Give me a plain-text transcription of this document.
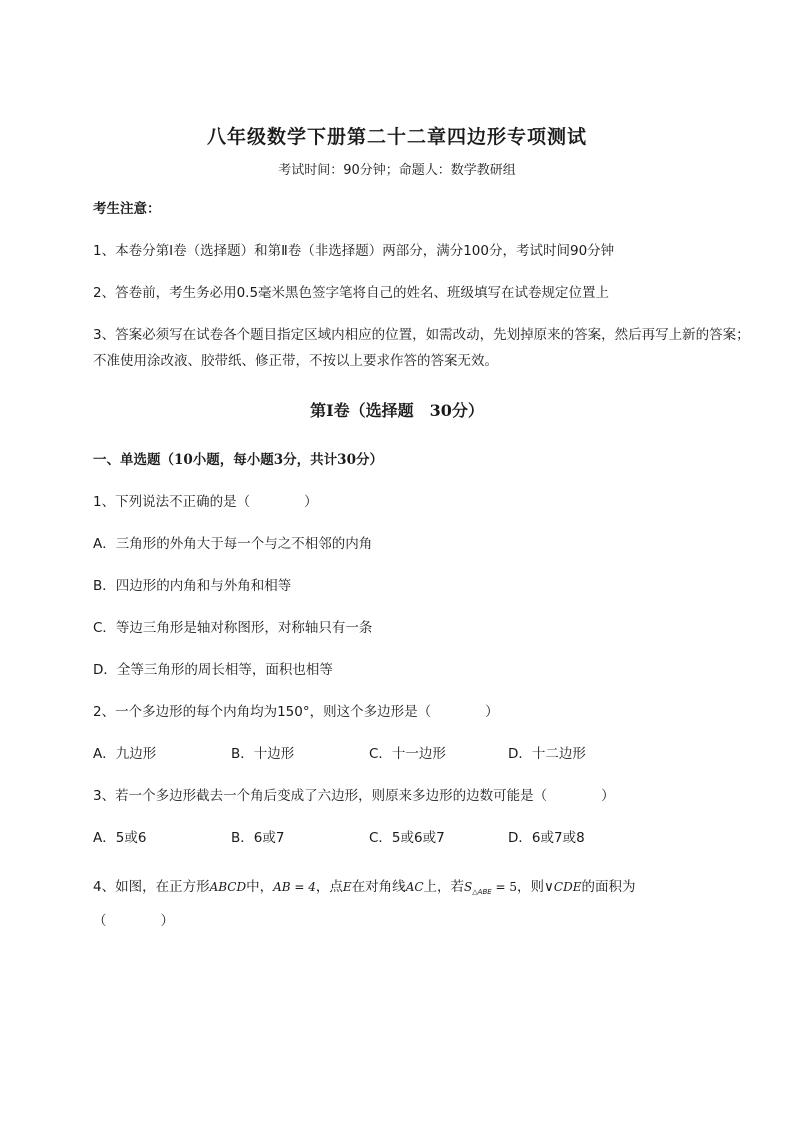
八年级数学下册第二十二章四边形专项测试
考试时间：90分钟；命题人：数学教研组
考生注意：
1、本卷分第Ⅰ卷（选择题）和第Ⅱ卷（非选择题）两部分，满分100分，考试时间90分钟
2、答卷前，考生务必用0.5毫米黑色签字笔将自己的姓名、班级填写在试卷规定位置上
3、答案必须写在试卷各个题目指定区域内相应的位置，如需改动，先划掉原来的答案，然后再写上新的答案；不准使用涂改液、胶带纸、修正带，不按以上要求作答的答案无效。
第Ⅰ卷（选择题　30分）
一、单选题（10小题，每小题3分，共计30分）
1、下列说法不正确的是（　　　　）
A．三角形的外角大于每一个与之不相邻的内角
B．四边形的内角和与外角和相等
C．等边三角形是轴对称图形，对称轴只有一条
D．全等三角形的周长相等，面积也相等
2、一个多边形的每个内角均为150°，则这个多边形是（　　　　）
A．九边形	B．十边形	C．十一边形	D．十二边形
3、若一个多边形截去一个角后变成了六边形，则原来多边形的边数可能是（　　　　）
A．5或6	B．6或7	C．5或6或7	D．6或7或8
4、如图，在正方形ABCD中，AB = 4，点E在对角线AC上，若$S_{\triangle ABE} = 5$，则∨CDE的面积为
（　　　　）
